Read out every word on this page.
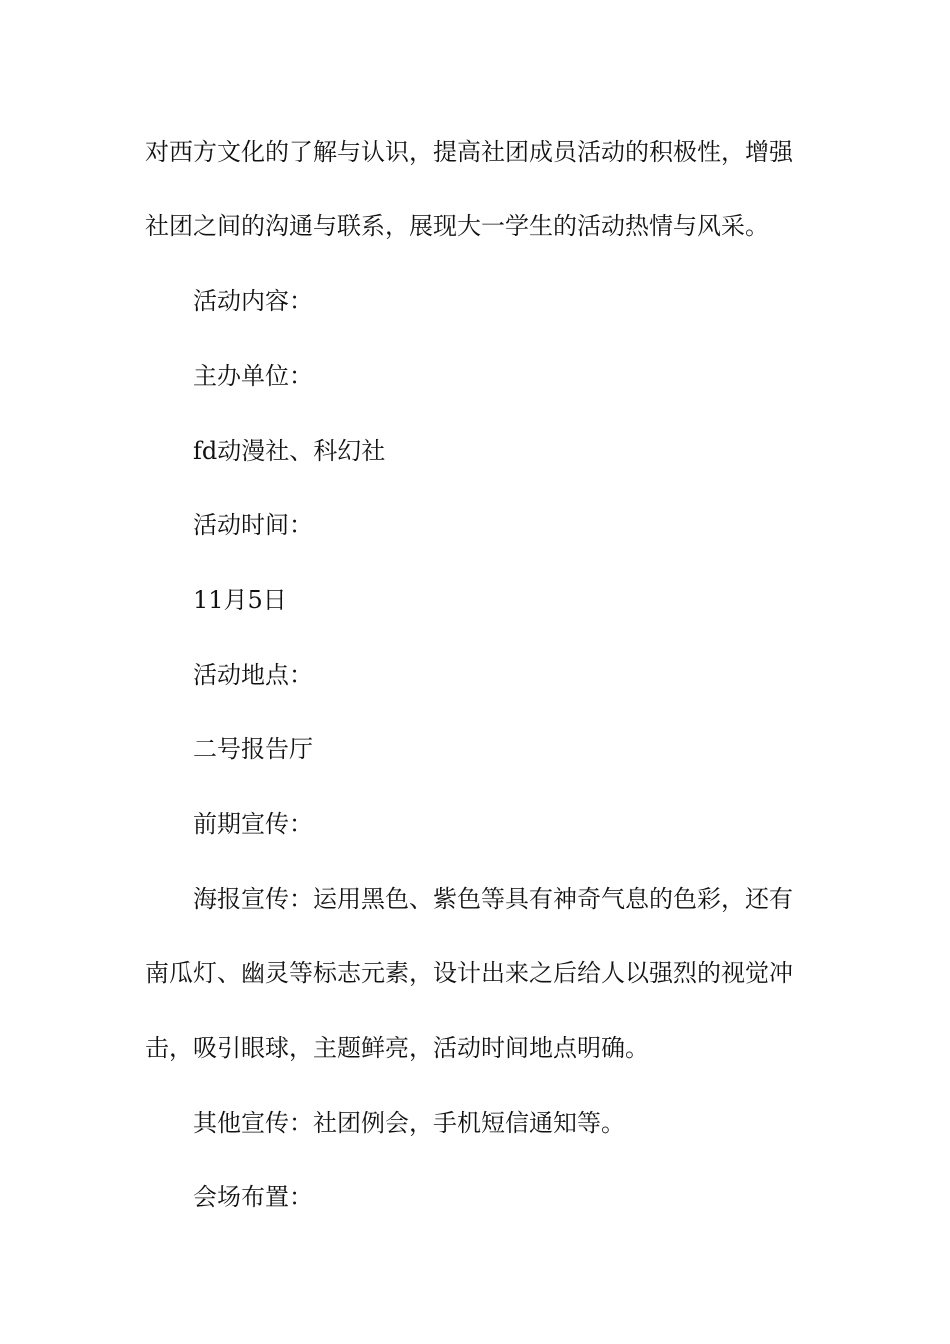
对西方文化的了解与认识，提高社团成员活动的积极性，增强
社团之间的沟通与联系，展现大一学生的活动热情与风采。
活动内容：
主办单位：
fd动漫社、科幻社
活动时间：
11月5日
活动地点：
二号报告厅
前期宣传：
海报宣传：运用黑色、紫色等具有神奇气息的色彩，还有
南瓜灯、幽灵等标志元素，设计出来之后给人以强烈的视觉冲
击，吸引眼球，主题鲜亮，活动时间地点明确。
其他宣传：社团例会，手机短信通知等。
会场布置：
